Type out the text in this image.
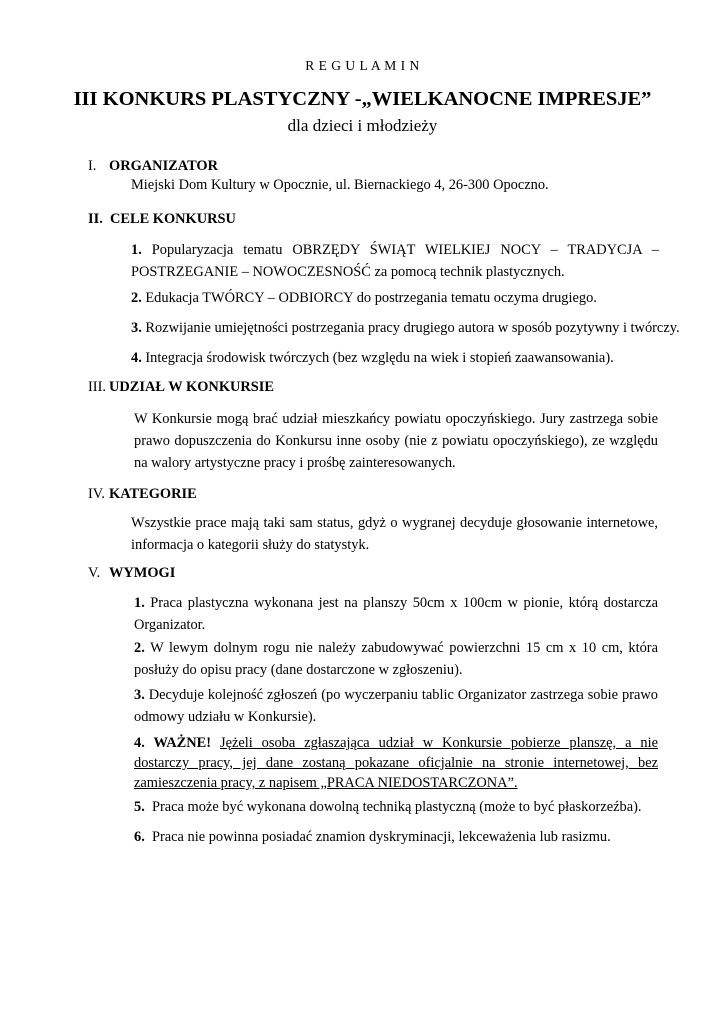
R E G U L A M I N
III KONKURS PLASTYCZNY -„WIELKANOCNE IMPRESJE”
dla dzieci i młodzieży
I. ORGANIZATOR
Miejski Dom Kultury w Opocznie, ul. Biernackiego 4, 26-300 Opoczno.
II.  CELE KONKURSU
1. Popularyzacja tematu OBRZĘDY ŚWIĄT WIELKIEJ NOCY – TRADYCJA – POSTRZEGANIE – NOWOCZESNOŚĆ za pomocą technik plastycznych.
2. Edukacja TWÓRCY – ODBIORCY do postrzegania tematu oczyma drugiego.
3. Rozwijanie umiejętności postrzegania pracy drugiego autora w sposób pozytywny i twórczy.
4. Integracja środowisk twórczych (bez względu na wiek i stopień zaawansowania).
III. UDZIAŁ W KONKURSIE
W Konkursie mogą brać udział mieszkańcy powiatu opoczyńskiego. Jury zastrzega sobie prawo dopuszczenia do Konkursu inne osoby (nie z powiatu opoczyńskiego), ze względu na walory artystyczne pracy i prośbę zainteresowanych.
IV. KATEGORIE
Wszystkie prace mają taki sam status, gdyż o wygranej decyduje głosowanie internetowe, informacja o kategorii służy do statystyk.
V. WYMOGI
1. Praca plastyczna wykonana jest na planszy 50cm x 100cm w pionie, którą dostarcza Organizator.
2. W lewym dolnym rogu nie należy zabudowywać powierzchni 15 cm x 10 cm, która posłuży do opisu pracy (dane dostarczone w zgłoszeniu).
3. Decyduje kolejność zgłoszeń (po wyczerpaniu tablic Organizator zastrzega sobie prawo odmowy udziału w Konkursie).
4. WAŻNE! Jężeli osoba zgłaszająca udział w Konkursie pobierze planszę, a nie dostarczy pracy, jej dane zostaną pokazane oficjalnie na stronie internetowej, bez zamieszczenia pracy, z napisem „PRACA NIEDOSTARCZONA”.
5.  Praca może być wykonana dowolną techniką plastyczną (może to być płaskorzeźba).
6.  Praca nie powinna posiadać znamion dyskryminacji, lekceważenia lub rasizmu.
